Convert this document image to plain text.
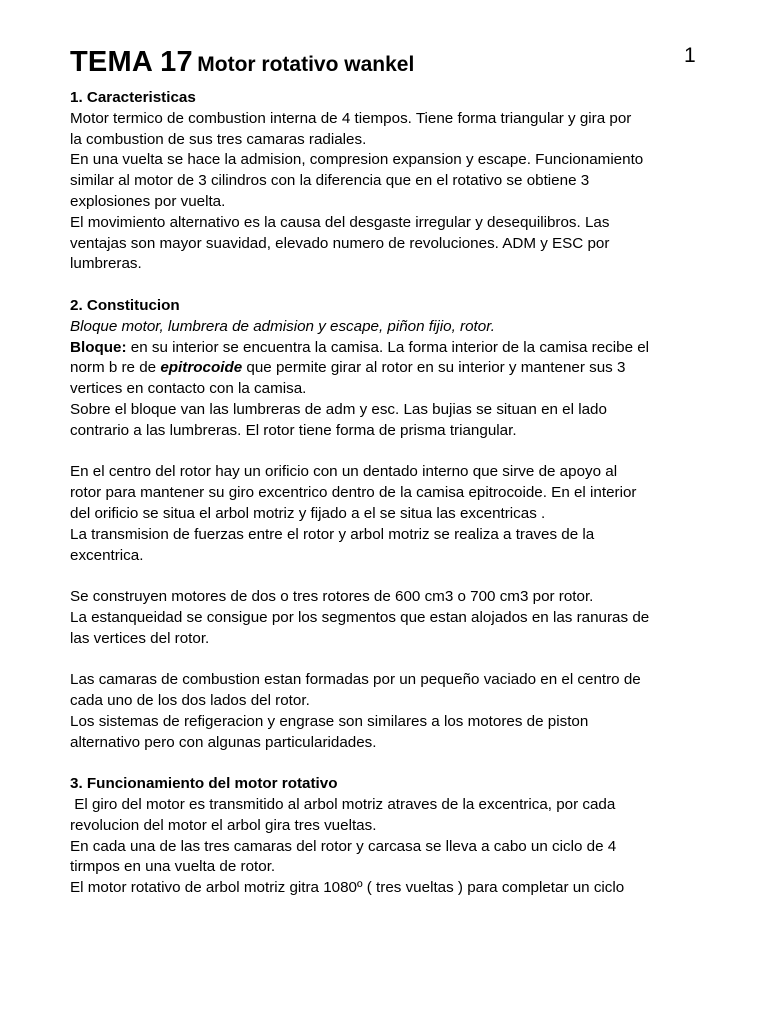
1
TEMA 17 Motor rotativo wankel
1. Caracteristicas
Motor termico de combustion interna de 4 tiempos. Tiene forma triangular y gira por
la combustion de sus tres camaras radiales.
En una vuelta se hace la admision, compresion expansion y escape. Funcionamiento
similar al motor de 3 cilindros con la diferencia que en el rotativo se obtiene 3
explosiones por vuelta.
El movimiento alternativo es la causa del desgaste irregular y desequilibros. Las
ventajas son mayor suavidad, elevado numero de revoluciones. ADM y ESC por
lumbreras.
2. Constitucion
Bloque motor, lumbrera de admision y escape, piñon fijio, rotor.
Bloque: en su interior se encuentra la camisa. La forma interior de la camisa recibe el
norm b re de epitrocoide que permite girar al rotor en su interior y mantener sus 3
vertices en contacto con la camisa.
Sobre el bloque van las lumbreras de adm y esc. Las bujias se situan en el lado
contrario a las lumbreras. El rotor tiene forma de prisma triangular.
En el centro del rotor hay un orificio con un dentado interno que sirve de apoyo al
rotor para mantener su giro excentrico dentro de la camisa epitrocoide. En el interior
del orificio se situa el arbol motriz y fijado a el se situa las excentricas .
La transmision de fuerzas entre el rotor y arbol motriz se realiza a traves de la
excentrica.
Se construyen motores de dos o tres rotores de 600 cm3 o 700 cm3 por rotor.
La estanqueidad se consigue por los segmentos que estan alojados en las ranuras de
las vertices del rotor.
Las camaras de combustion estan formadas por un pequeño vaciado en el centro de
cada uno de los dos lados del rotor.
Los sistemas de refigeracion y engrase son similares a los motores de piston
alternativo pero con algunas particularidades.
3. Funcionamiento del motor rotativo
El giro del motor es transmitido al arbol motriz atraves de la excentrica, por cada
revolucion del motor el arbol gira tres vueltas.
En cada una de las tres camaras del rotor y carcasa se lleva a cabo un ciclo de 4
tirmpos en una vuelta de rotor.
El motor rotativo de arbol motriz gitra 1080º ( tres vueltas ) para completar un ciclo
